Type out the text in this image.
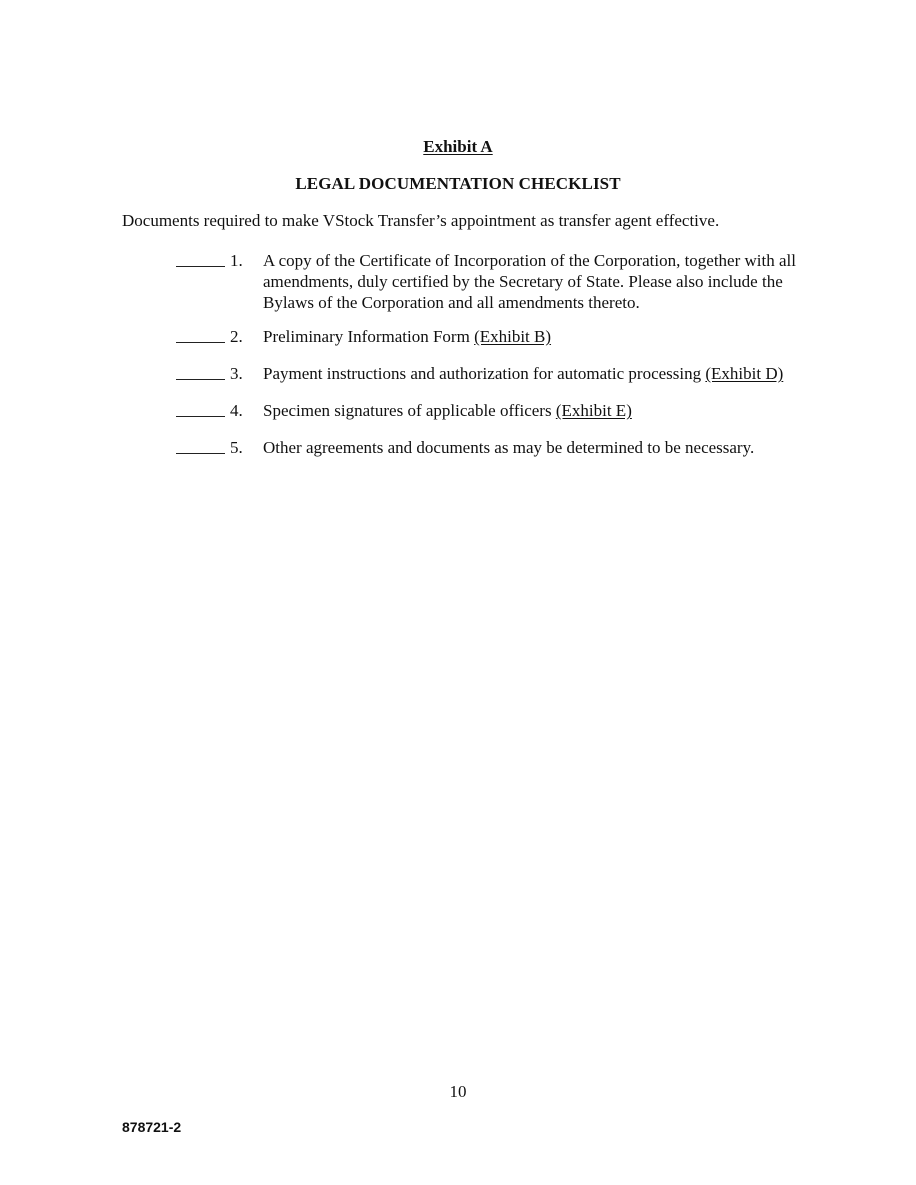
Exhibit A
LEGAL DOCUMENTATION CHECKLIST
Documents required to make VStock Transfer’s appointment as transfer agent effective.
1. A copy of the Certificate of Incorporation of the Corporation, together with all amendments, duly certified by the Secretary of State. Please also include the Bylaws of the Corporation and all amendments thereto.
2. Preliminary Information Form (Exhibit B)
3. Payment instructions and authorization for automatic processing (Exhibit D)
4. Specimen signatures of applicable officers (Exhibit E)
5. Other agreements and documents as may be determined to be necessary.
10
878721-2
